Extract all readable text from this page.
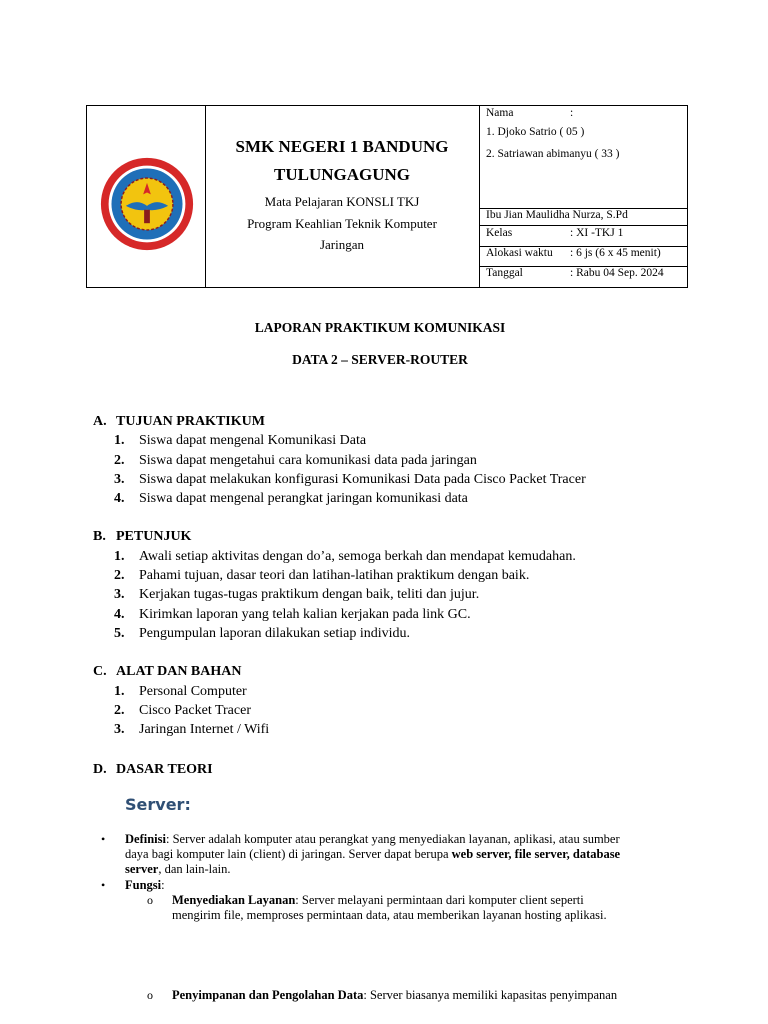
SMK NEGERI 1 BANDUNG
TULUNGAGUNG
Mata Pelajaran KONSLI TKJ
Program Keahlian Teknik Komputer
Jaringan
Nama	:
1. Djoko Satrio ( 05 )
2. Satriawan abimanyu ( 33 )
Ibu Jian Maulidha Nurza, S.Pd
Kelas	: XI -TKJ 1
Alokasi waktu : 6 js (6 x 45 menit)
Tanggal	: Rabu 04 Sep. 2024
LAPORAN PRAKTIKUM KOMUNIKASI
DATA 2 – SERVER-ROUTER
A. TUJUAN PRAKTIKUM
1. Siswa dapat mengenal Komunikasi Data
2. Siswa dapat mengetahui cara komunikasi data pada jaringan
3. Siswa dapat melakukan konfigurasi Komunikasi Data pada Cisco Packet Tracer
4. Siswa dapat mengenal perangkat jaringan komunikasi data
B. PETUNJUK
1. Awali setiap aktivitas dengan do’a, semoga berkah dan mendapat kemudahan.
2. Pahami tujuan, dasar teori dan latihan-latihan praktikum dengan baik.
3. Kerjakan tugas-tugas praktikum dengan baik, teliti dan jujur.
4. Kirimkan laporan yang telah kalian kerjakan pada link GC.
5. Pengumpulan laporan dilakukan setiap individu.
C. ALAT DAN BAHAN
1. Personal Computer
2. Cisco Packet Tracer
3. Jaringan Internet / Wifi
D. DASAR TEORI
Server:
• Definisi: Server adalah komputer atau perangkat yang menyediakan layanan, aplikasi, atau sumber
daya bagi komputer lain (client) di jaringan. Server dapat berupa web server, file server, database
server, dan lain-lain.
• Fungsi:
o Menyediakan Layanan: Server melayani permintaan dari komputer client seperti
mengirim file, memproses permintaan data, atau memberikan layanan hosting aplikasi.
o Penyimpanan dan Pengolahan Data: Server biasanya memiliki kapasitas penyimpanan
